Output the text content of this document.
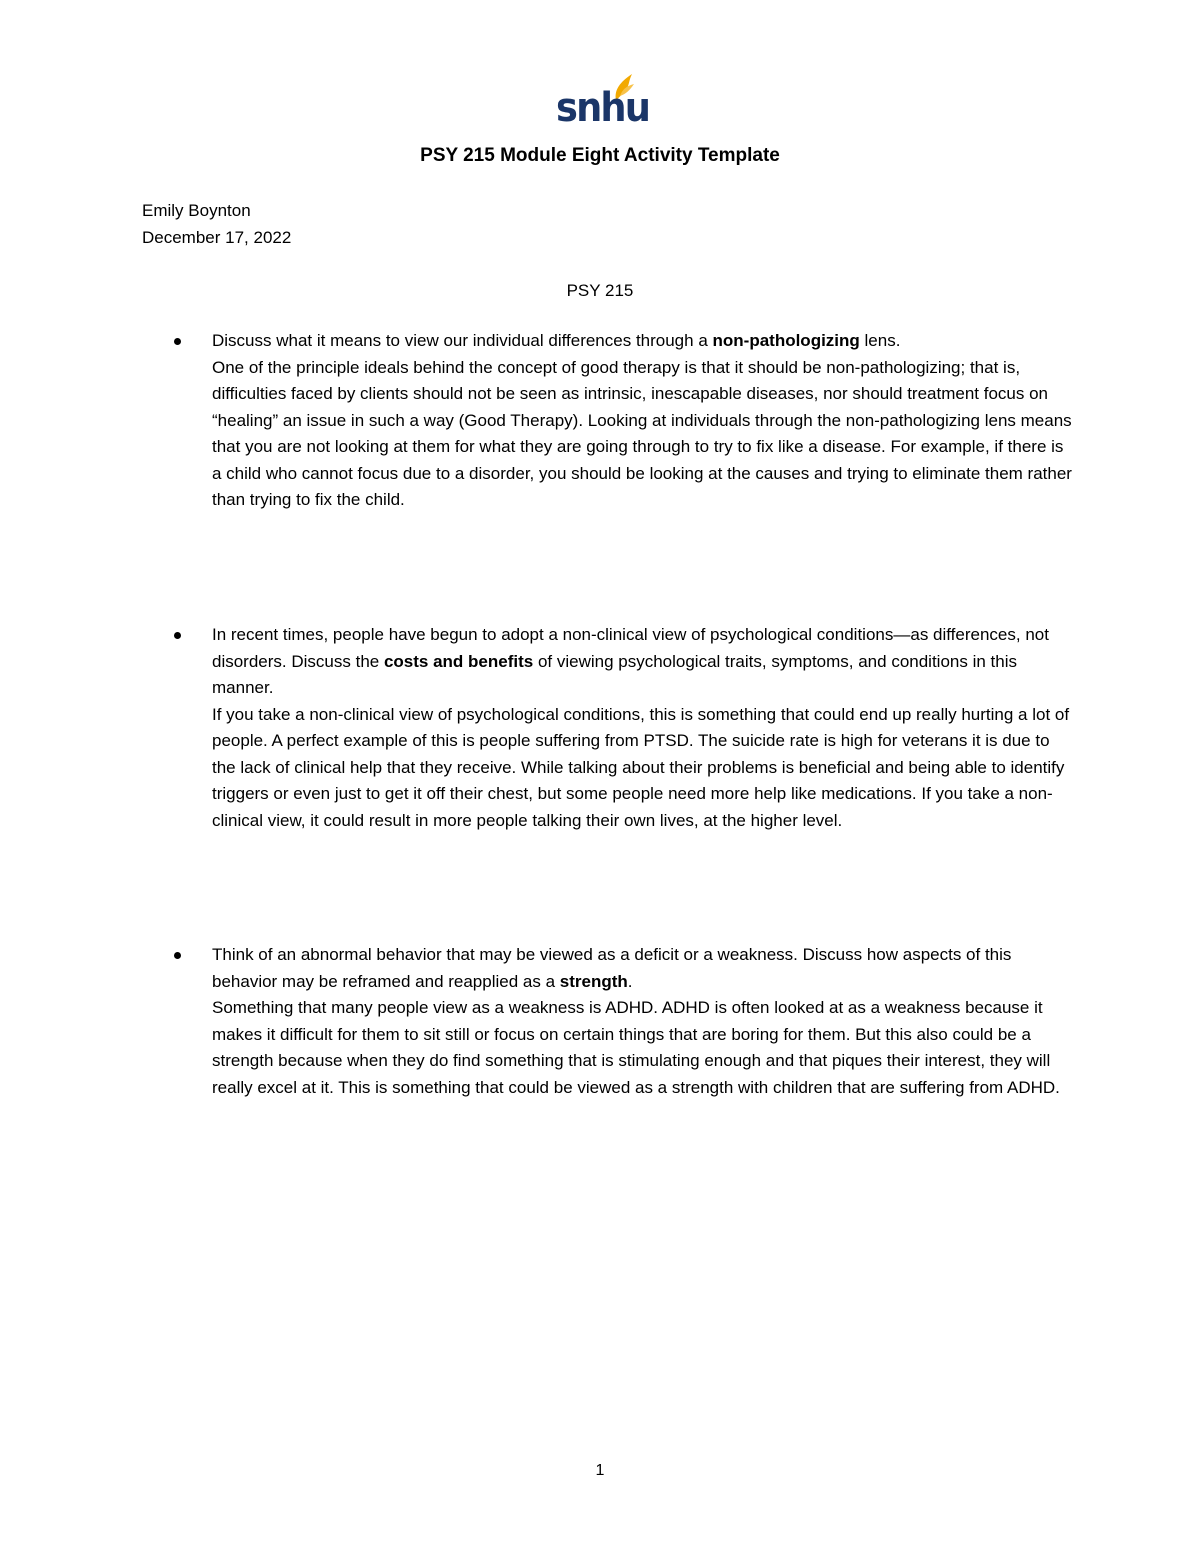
snhu
PSY 215 Module Eight Activity Template
Emily Boynton
December 17, 2022
PSY 215

Discuss what it means to view our individual differences through a non-pathologizing lens.

One of the principle ideals behind the concept of good therapy is that it should be non-pathologizing; that is, difficulties faced by clients should not be seen as intrinsic, inescapable diseases, nor should treatment focus on “healing” an issue in such a way (Good Therapy). Looking at individuals through the non-pathologizing lens means that you are not looking at them for what they are going through to try to fix like a disease. For example, if there is a child who cannot focus due to a disorder, you should be looking at the causes and trying to eliminate them rather than trying to fix the child.

In recent times, people have begun to adopt a non-clinical view of psychological conditions—as differences, not disorders. Discuss the costs and benefits of viewing psychological traits, symptoms, and conditions in this manner.

If you take a non-clinical view of psychological conditions, this is something that could end up really hurting a lot of people. A perfect example of this is people suffering from PTSD. The suicide rate is high for veterans it is due to the lack of clinical help that they receive. While talking about their problems is beneficial and being able to identify triggers or even just to get it off their chest, but some people need more help like medications. If you take a non-clinical view, it could result in more people talking their own lives, at the higher level.

Think of an abnormal behavior that may be viewed as a deficit or a weakness. Discuss how aspects of this behavior may be reframed and reapplied as a strength.

Something that many people view as a weakness is ADHD. ADHD is often looked at as a weakness because it makes it difficult for them to sit still or focus on certain things that are boring for them. But this also could be a strength because when they do find something that is stimulating enough and that piques their interest, they will really excel at it. This is something that could be viewed as a strength with children that are suffering from ADHD.

1
